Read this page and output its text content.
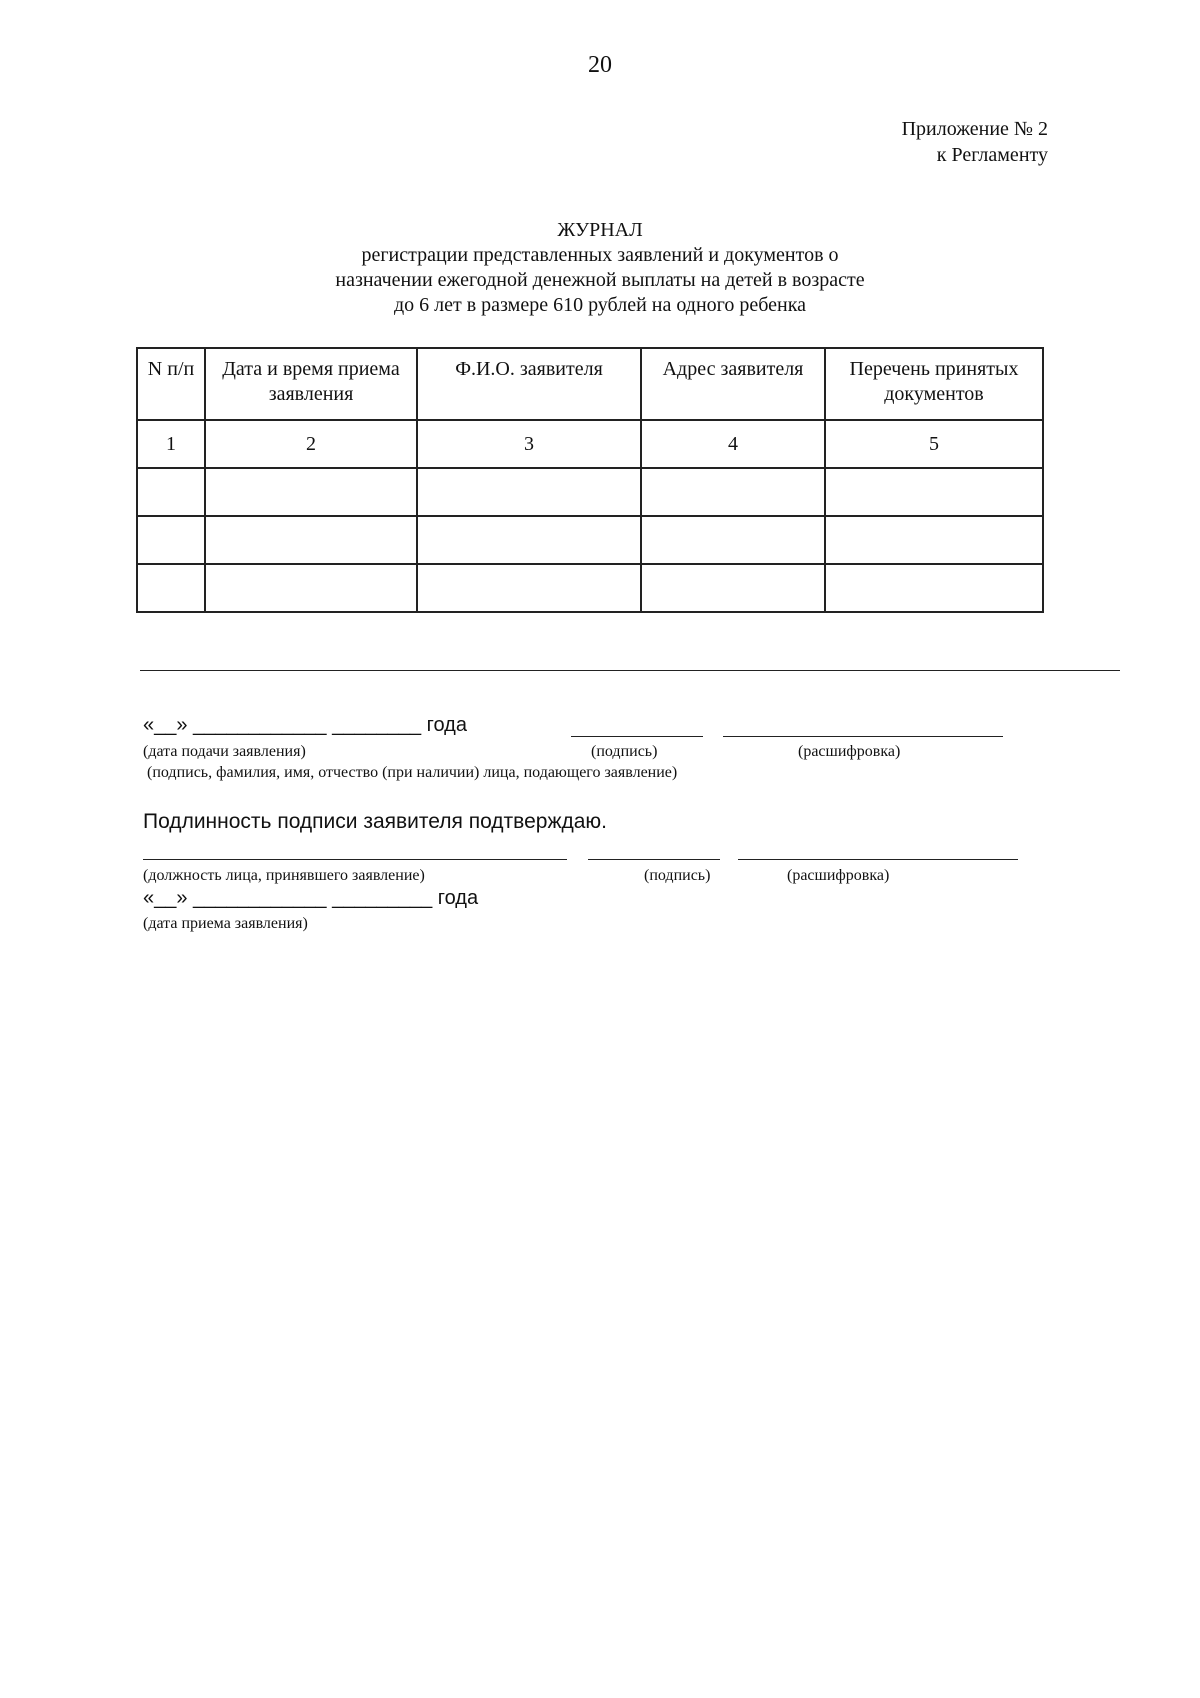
20
Приложение № 2
к Регламенту
ЖУРНАЛ
регистрации представленных заявлений и документов о
назначении ежегодной денежной выплаты на детей в возрасте
до 6 лет в размере 610 рублей на одного ребенка
N п/п	Дата и время приема заявления	Ф.И.О. заявителя	Адрес заявителя	Перечень принятых документов
1	2	3	4	5

«__» ____________ ________ года
(дата подачи заявления)	(подпись)	(расшифровка)
(подпись, фамилия, имя, отчество (при наличии) лица, подающего заявление)
Подлинность подписи заявителя подтверждаю.
(должность лица, принявшего заявление)	(подпись)	(расшифровка)
«__» ____________ _________ года
(дата приема заявления)
